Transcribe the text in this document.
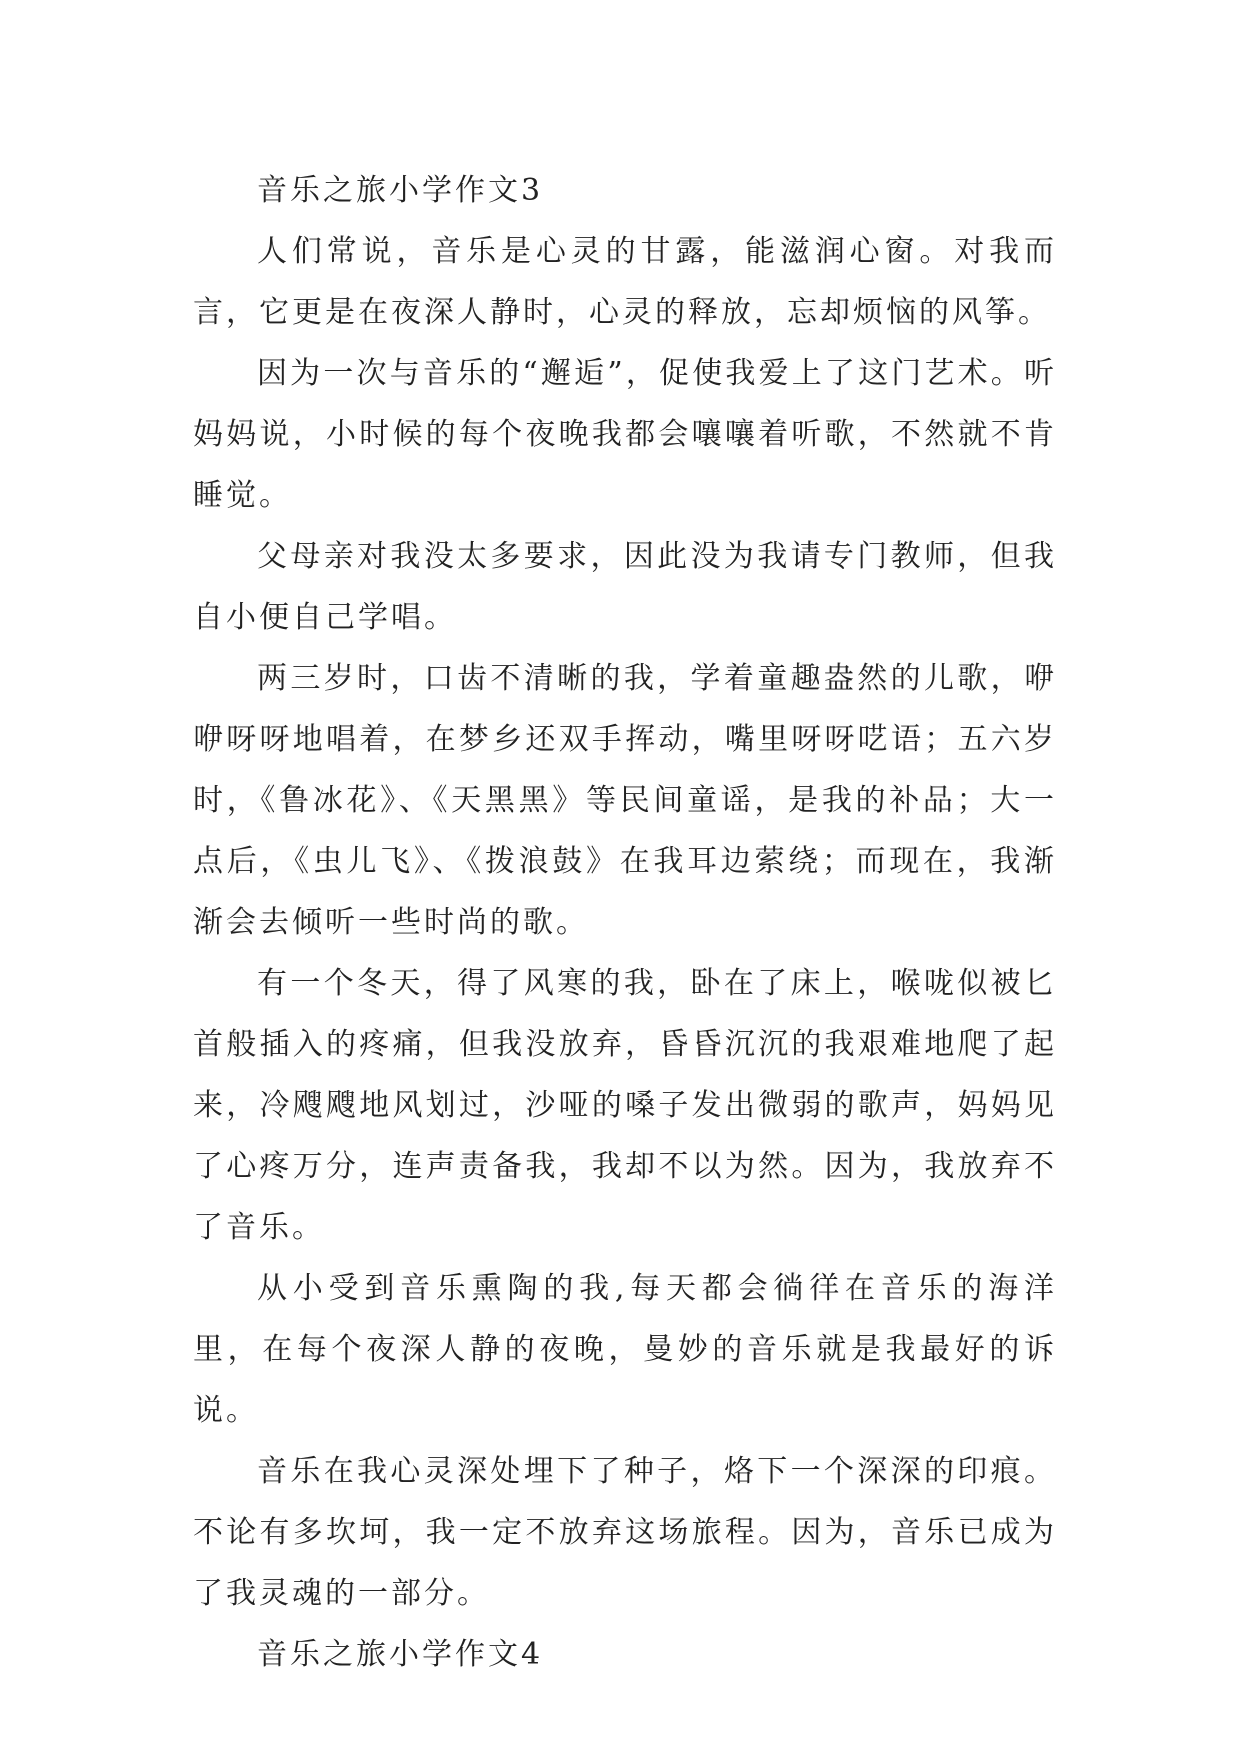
音乐之旅小学作文3

人们常说，音乐是心灵的甘露，能滋润心窗。对我而言，它更是在夜深人静时，心灵的释放，忘却烦恼的风筝。

因为一次与音乐的“邂逅”，促使我爱上了这门艺术。听妈妈说，小时候的每个夜晚我都会嚷嚷着听歌，不然就不肯睡觉。

父母亲对我没太多要求，因此没为我请专门教师，但我自小便自己学唱。

两三岁时，口齿不清晰的我，学着童趣盎然的儿歌，咿咿呀呀地唱着，在梦乡还双手挥动，嘴里呀呀呓语；五六岁时，《鲁冰花》、《天黑黑》等民间童谣，是我的补品；大一点后，《虫儿飞》、《拨浪鼓》在我耳边萦绕；而现在，我渐渐会去倾听一些时尚的歌。

有一个冬天，得了风寒的我，卧在了床上，喉咙似被匕首般插入的疼痛，但我没放弃，昏昏沉沉的我艰难地爬了起来，冷飕飕地风划过，沙哑的嗓子发出微弱的歌声，妈妈见了心疼万分，连声责备我，我却不以为然。因为，我放弃不了音乐。

从小受到音乐熏陶的我,每天都会徜徉在音乐的海洋里，在每个夜深人静的夜晚，曼妙的音乐就是我最好的诉说。

音乐在我心灵深处埋下了种子，烙下一个深深的印痕。不论有多坎坷，我一定不放弃这场旅程。因为，音乐已成为了我灵魂的一部分。

音乐之旅小学作文4
